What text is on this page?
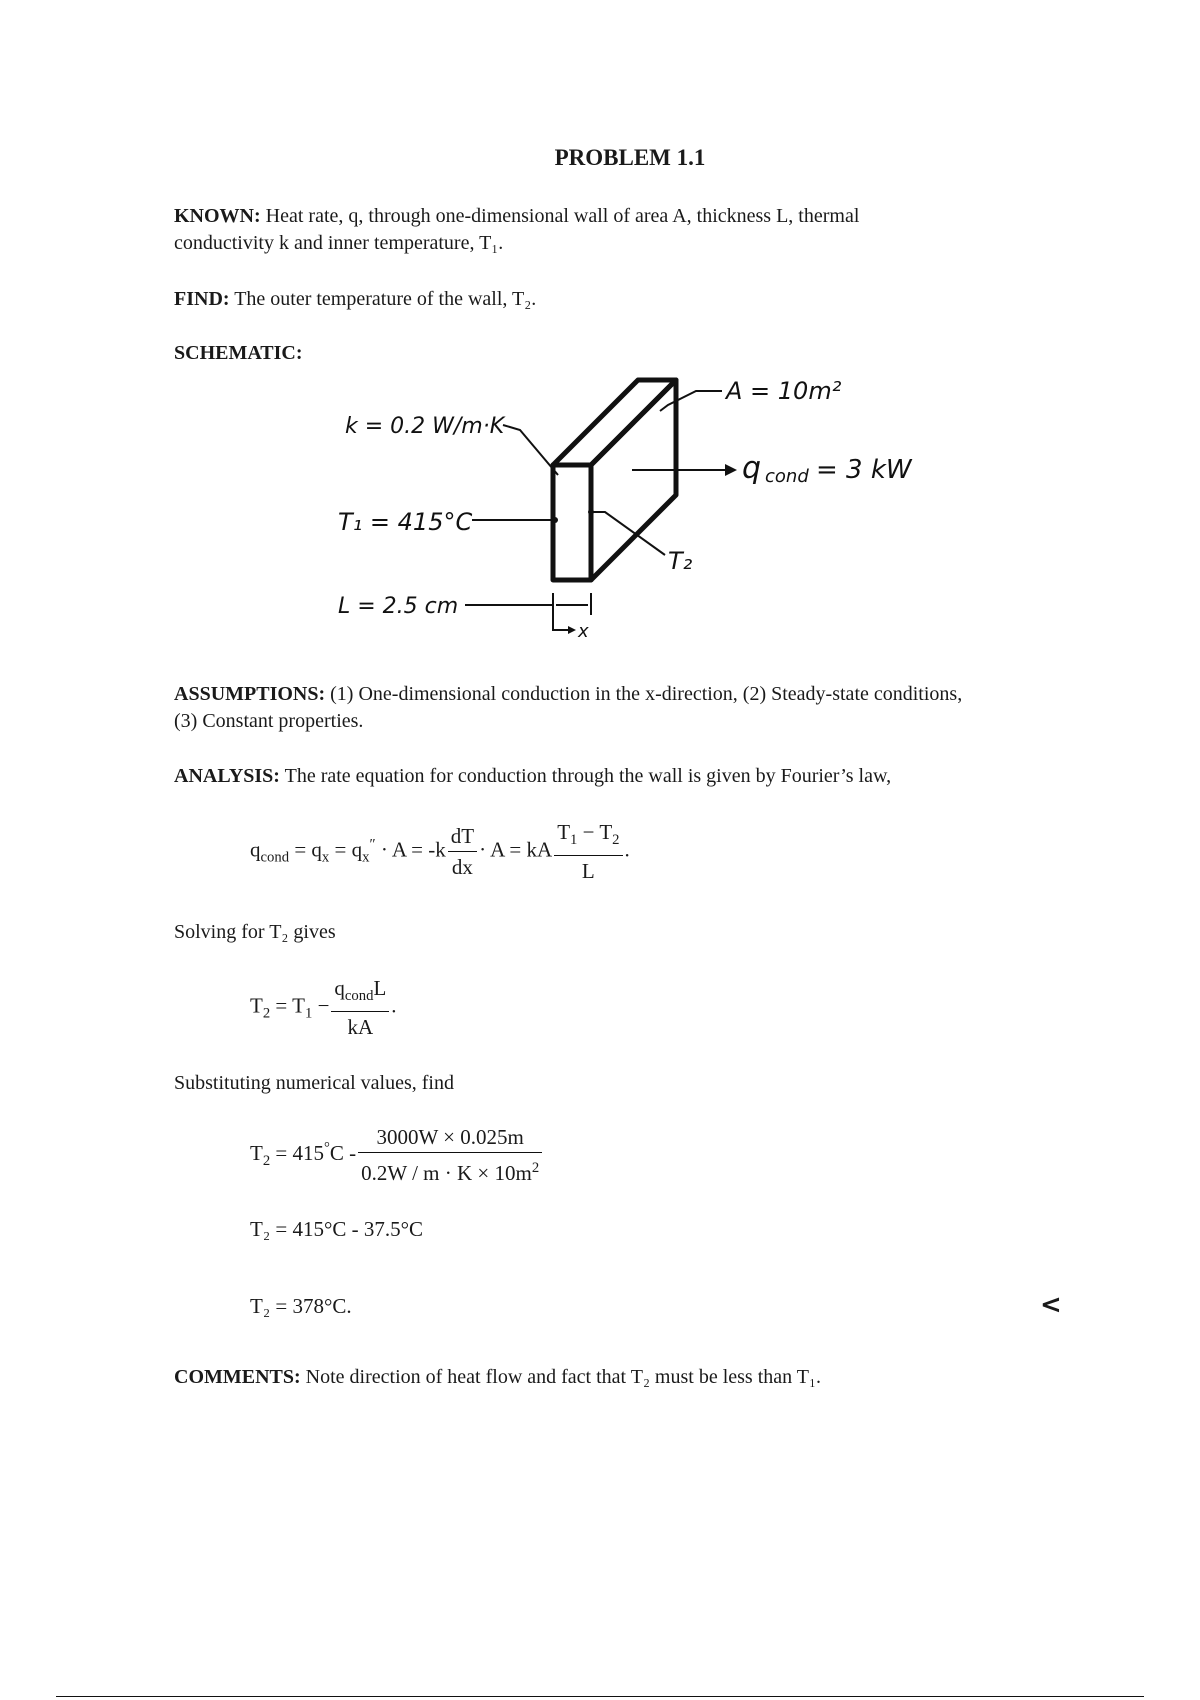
PROBLEM 1.1
KNOWN: Heat rate, q, through one-dimensional wall of area A, thickness L, thermal
conductivity k and inner temperature, T₁.
FIND: The outer temperature of the wall, T₂.
SCHEMATIC:
k = 0.2 W/m·K
T₁ = 415°C
L = 2.5 cm
A = 10m²
q cond = 3 kW
T₂
x
ASSUMPTIONS: (1) One-dimensional conduction in the x-direction, (2) Steady-state conditions,
(3) Constant properties.
ANALYSIS: The rate equation for conduction through the wall is given by Fourier’s law,
$q_{cond} = q_x = q_x'' \cdot A = -k \frac{dT}{dx} \cdot A$ = kA $\frac{T_1 - T_2}{L}$ .
Solving for T₂ gives
$T_2 = T_1 - \frac{q_{cond}L}{kA}$ .
Substituting numerical values, find
$T_2 = 415^\circ C - \frac{3000W \times 0.025m}{0.2W / m \cdot K \times 10m^2}$
T₂ = 415°C - 37.5°C
T₂ = 378°C.	<
COMMENTS: Note direction of heat flow and fact that T₂ must be less than T₁.
